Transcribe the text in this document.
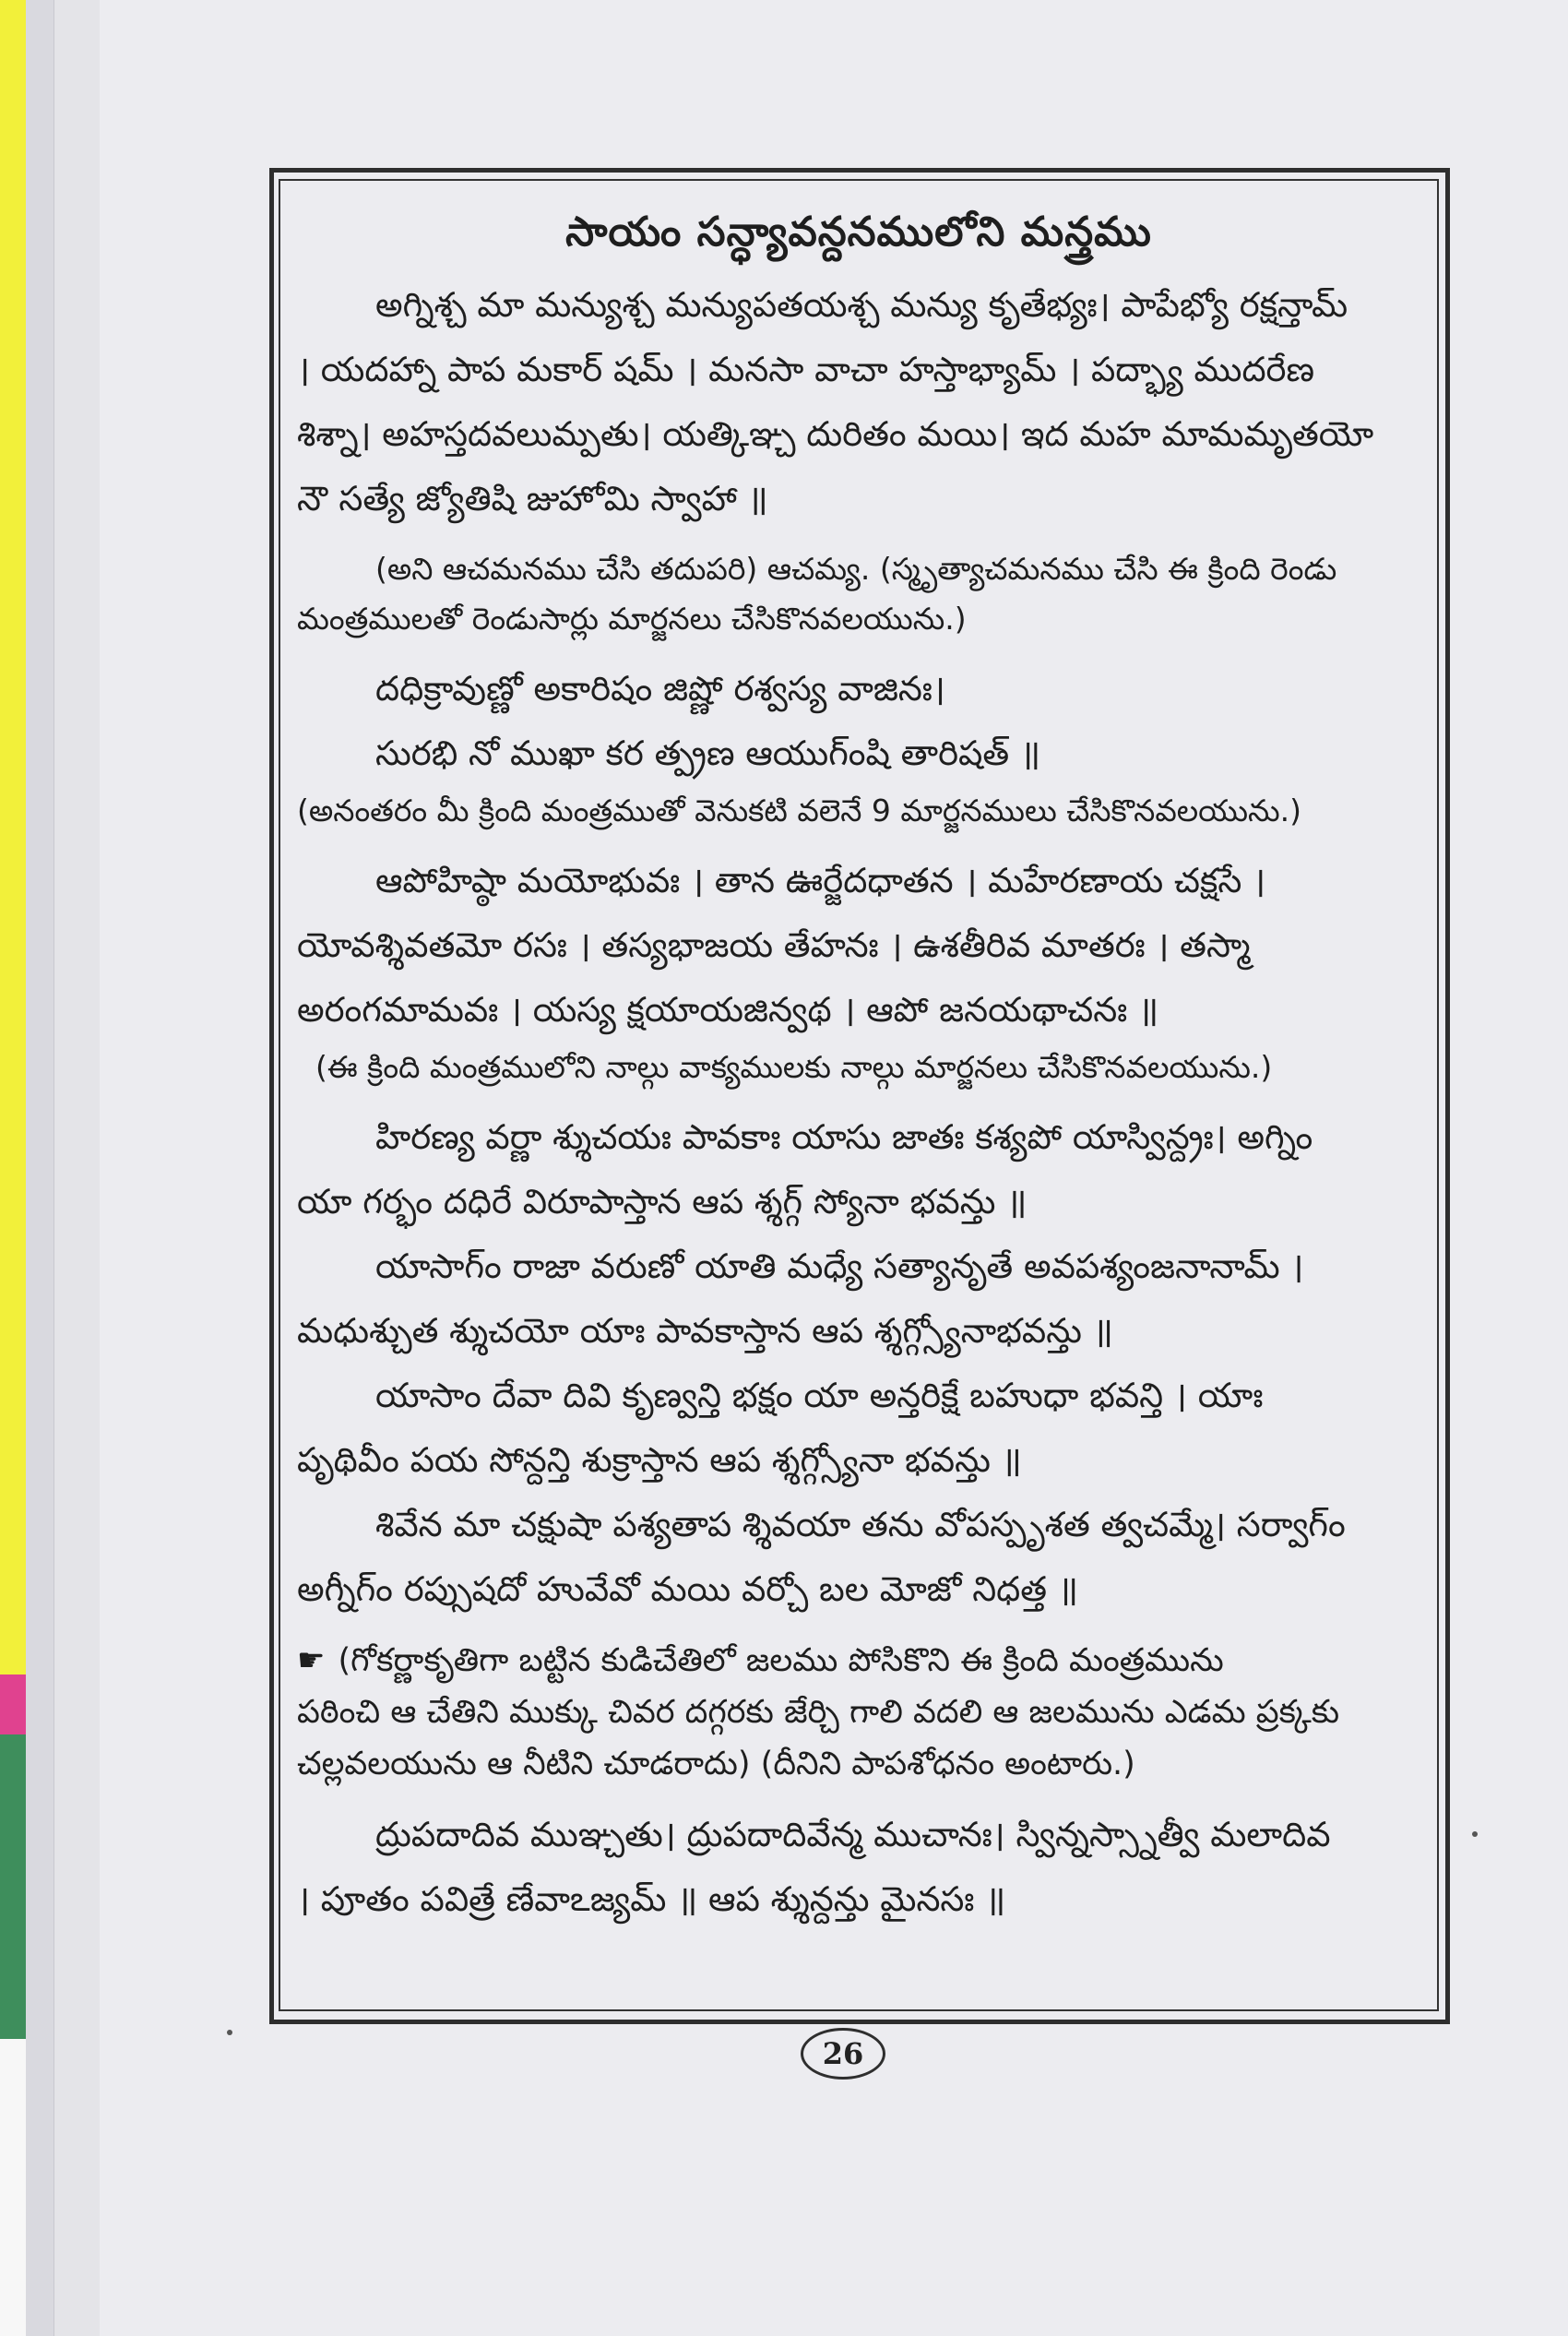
సాయం సన్ధ్యావన్దనములోని మన్త్రము
అగ్నిశ్చ మా మన్యుశ్చ మన్యుపతయశ్చ మన్యు కృతేభ్యః। పాపేభ్యో రక్షన్తామ్
। యదహ్నా పాప మకార్ షమ్ । మనసా వాచా హస్తాభ్యామ్ । పద్భ్యా ముదరేణ
శిశ్నా। అహస్తదవలుమ్పతు। యత్కిఞ్చ దురితం మయి। ఇద మహ మామమృతయో
నౌ సత్యే జ్యోతిషి జుహోమి స్వాహా ॥
(అని ఆచమనము చేసి తదుపరి) ఆచమ్య. (స్మృత్యాచమనము చేసి ఈ క్రింది రెండు
మంత్రములతో రెండుసార్లు మార్జనలు చేసికొనవలయును.)
దధిక్రావుణ్ణో అకారిషం జిష్ణో రశ్వస్య వాజినః।
సురభి నో ముఖా కర త్ప్రణ ఆయుగ్ంషి తారిషత్ ॥
(అనంతరం మీ క్రింది మంత్రముతో వెనుకటి వలెనే 9 మార్జనములు చేసికొనవలయును.)
ఆపోహిష్ఠా మయోభువః । తాన ఊర్జేదధాతన । మహేరణాయ చక్షసే ।
యోవశ్శివతమో రసః । తస్యభాజయ తేహనః । ఉశతీరివ మాతరః । తస్మా
అరంగమామవః । యస్య క్షయాయజిన్వథ । ఆపో జనయథాచనః ॥
(ఈ క్రింది మంత్రములోని నాల్గు వాక్యములకు నాల్గు మార్జనలు చేసికొనవలయును.)
హిరణ్య వర్ణా శ్శుచయః పావకాః యాసు జాతః కశ్యపో యాస్విన్ద్రః। అగ్నిం
యా గర్భం దధిరే విరూపాస్తాన ఆప శ్శగ్గ్ స్యోనా భవన్తు ॥
యాసాగ్ం రాజా వరుణో యాతి మధ్యే సత్యానృతే అవపశ్యంజనానామ్ ।
మధుశ్చుత శ్శుచయో యాః పావకాస్తాన ఆప శ్శగ్గ్స్యోనాభవన్తు ॥
యాసాం దేవా దివి కృణ్వన్తి భక్షం యా అన్తరిక్షే బహుధా భవన్తి । యాః
పృథివీం పయ సోన్దన్తి శుక్రాస్తాన ఆప శ్శగ్గ్స్యోనా భవన్తు ॥
శివేన మా చక్షుషా పశ్యతాప శ్శివయా తను వోపస్పృశత త్వచమ్మే। సర్వాగ్ం
అగ్నీగ్ం రప్సుషదో హువేవో మయి వర్చో బల మోజో నిధత్త ॥
☛ (గోకర్ణాకృతిగా బట్టిన కుడిచేతిలో జలము పోసికొని ఈ క్రింది మంత్రమును
పఠించి ఆ చేతిని ముక్కు చివర దగ్గరకు జేర్చి గాలి వదలి ఆ జలమును ఎడమ ప్రక్కకు
చల్లవలయును ఆ నీటిని చూడరాదు) (దీనిని పాపశోధనం అంటారు.)
ద్రుపదాదివ ముఞ్చతు। ద్రుపదాదివేన్మ ముచానః। స్విన్నస్స్నాత్వీ మలాదివ
। పూతం పవిత్రే ణేవాఽజ్యమ్ ॥ ఆప శ్శున్దన్తు మైనసః ॥
26
